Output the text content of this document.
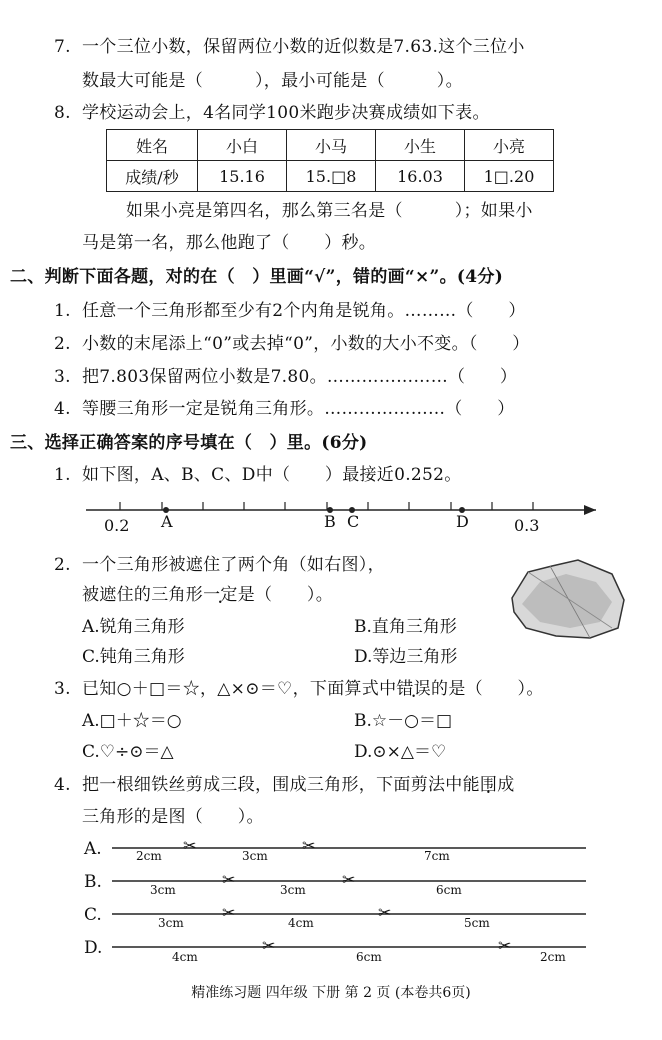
7. 一个三位小数，保留两位小数的近似数是7.63.这个三位小
数最大可能是（　　　），最小可能是（　　　）。
8. 学校运动会上，4名同学100米跑步决赛成绩如下表。
姓名	小白	小马	小生	小亮
成绩/秒	15.16	15.□8	16.03	1□.20
如果小亮是第四名，那么第三名是（　　　）；如果小
马是第一名，那么他跑了（　　）秒。
二、判断下面各题，对的在（　）里画“√”，错的画“×”。(4分)
1. 任意一个三角形都至少有2个内角是锐角。………（　　）
2. 小数的末尾添上“0”或去掉“0”，小数的大小不变。（　　）
3. 把7.803保留两位小数是7.80。…………………（　　）
4. 等腰三角形一定是锐角三角形。…………………（　　）
三、选择正确答案的序号填在（　）里。(6分)
1. 如下图，A、B、C、D中（　　）最接近0.252。
0.2 A	B C	D	0.3
2. 一个三角形被遮住了两个角（如右图），
被遮住的三角形一定是（　　）。
A.锐角三角形	B.直角三角形
C.钝角三角形	D.等边三角形
3. 已知○＋□＝☆，△×⊙＝♡，下面算式中错误的是（　　）。
A.□＋☆＝○	B.☆－○＝□
C.♡÷⊙＝△	D.⊙×△＝♡
4. 把一根细铁丝剪成三段，围成三角形，下面剪法中能围成
三角形的是图（　　）。
A.	2cm
✂
3cm
✂
7cm
B.	3cm
✂
3cm
✂
6cm
C.	3cm
✂
4cm
✂
5cm
D.	4cm
✂
6cm
✂
2cm
精准练习题 四年级 下册 第 2 页 (本卷共6页)
